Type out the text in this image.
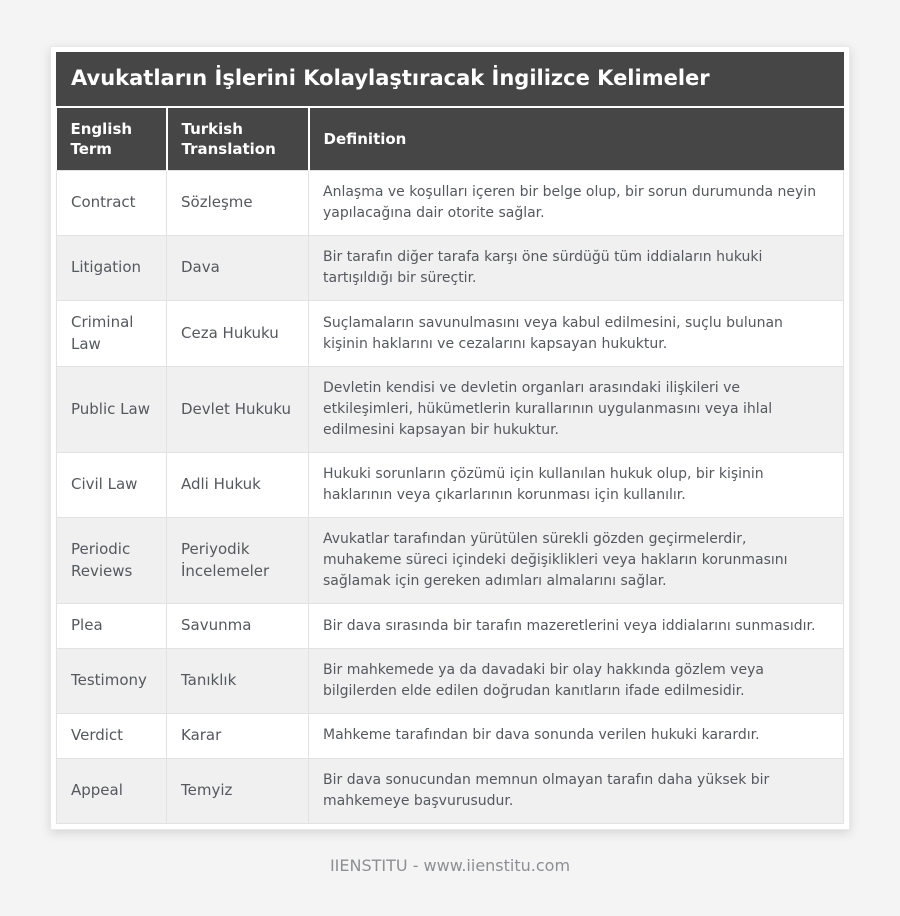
Avukatların İşlerini Kolaylaştıracak İngilizce Kelimeler
English Term	Turkish Translation	Definition
Contract	Sözleşme	Anlaşma ve koşulları içeren bir belge olup, bir sorun durumunda neyin yapılacağına dair otorite sağlar.
Litigation	Dava	Bir tarafın diğer tarafa karşı öne sürdüğü tüm iddiaların hukuki tartışıldığı bir süreçtir.
Criminal Law	Ceza Hukuku	Suçlamaların savunulmasını veya kabul edilmesini, suçlu bulunan kişinin haklarını ve cezalarını kapsayan hukuktur.
Public Law	Devlet Hukuku	Devletin kendisi ve devletin organları arasındaki ilişkileri ve etkileşimleri, hükümetlerin kurallarının uygulanmasını veya ihlal edilmesini kapsayan bir hukuktur.
Civil Law	Adli Hukuk	Hukuki sorunların çözümü için kullanılan hukuk olup, bir kişinin haklarının veya çıkarlarının korunması için kullanılır.
Periodic Reviews	Periyodik İncelemeler	Avukatlar tarafından yürütülen sürekli gözden geçirmelerdir, muhakeme süreci içindeki değişiklikleri veya hakların korunmasını sağlamak için gereken adımları almalarını sağlar.
Plea	Savunma	Bir dava sırasında bir tarafın mazeretlerini veya iddialarını sunmasıdır.
Testimony	Tanıklık	Bir mahkemede ya da davadaki bir olay hakkında gözlem veya bilgilerden elde edilen doğrudan kanıtların ifade edilmesidir.
Verdict	Karar	Mahkeme tarafından bir dava sonunda verilen hukuki karardır.
Appeal	Temyiz	Bir dava sonucundan memnun olmayan tarafın daha yüksek bir mahkemeye başvurusudur.
IIENSTITU - www.iienstitu.com
